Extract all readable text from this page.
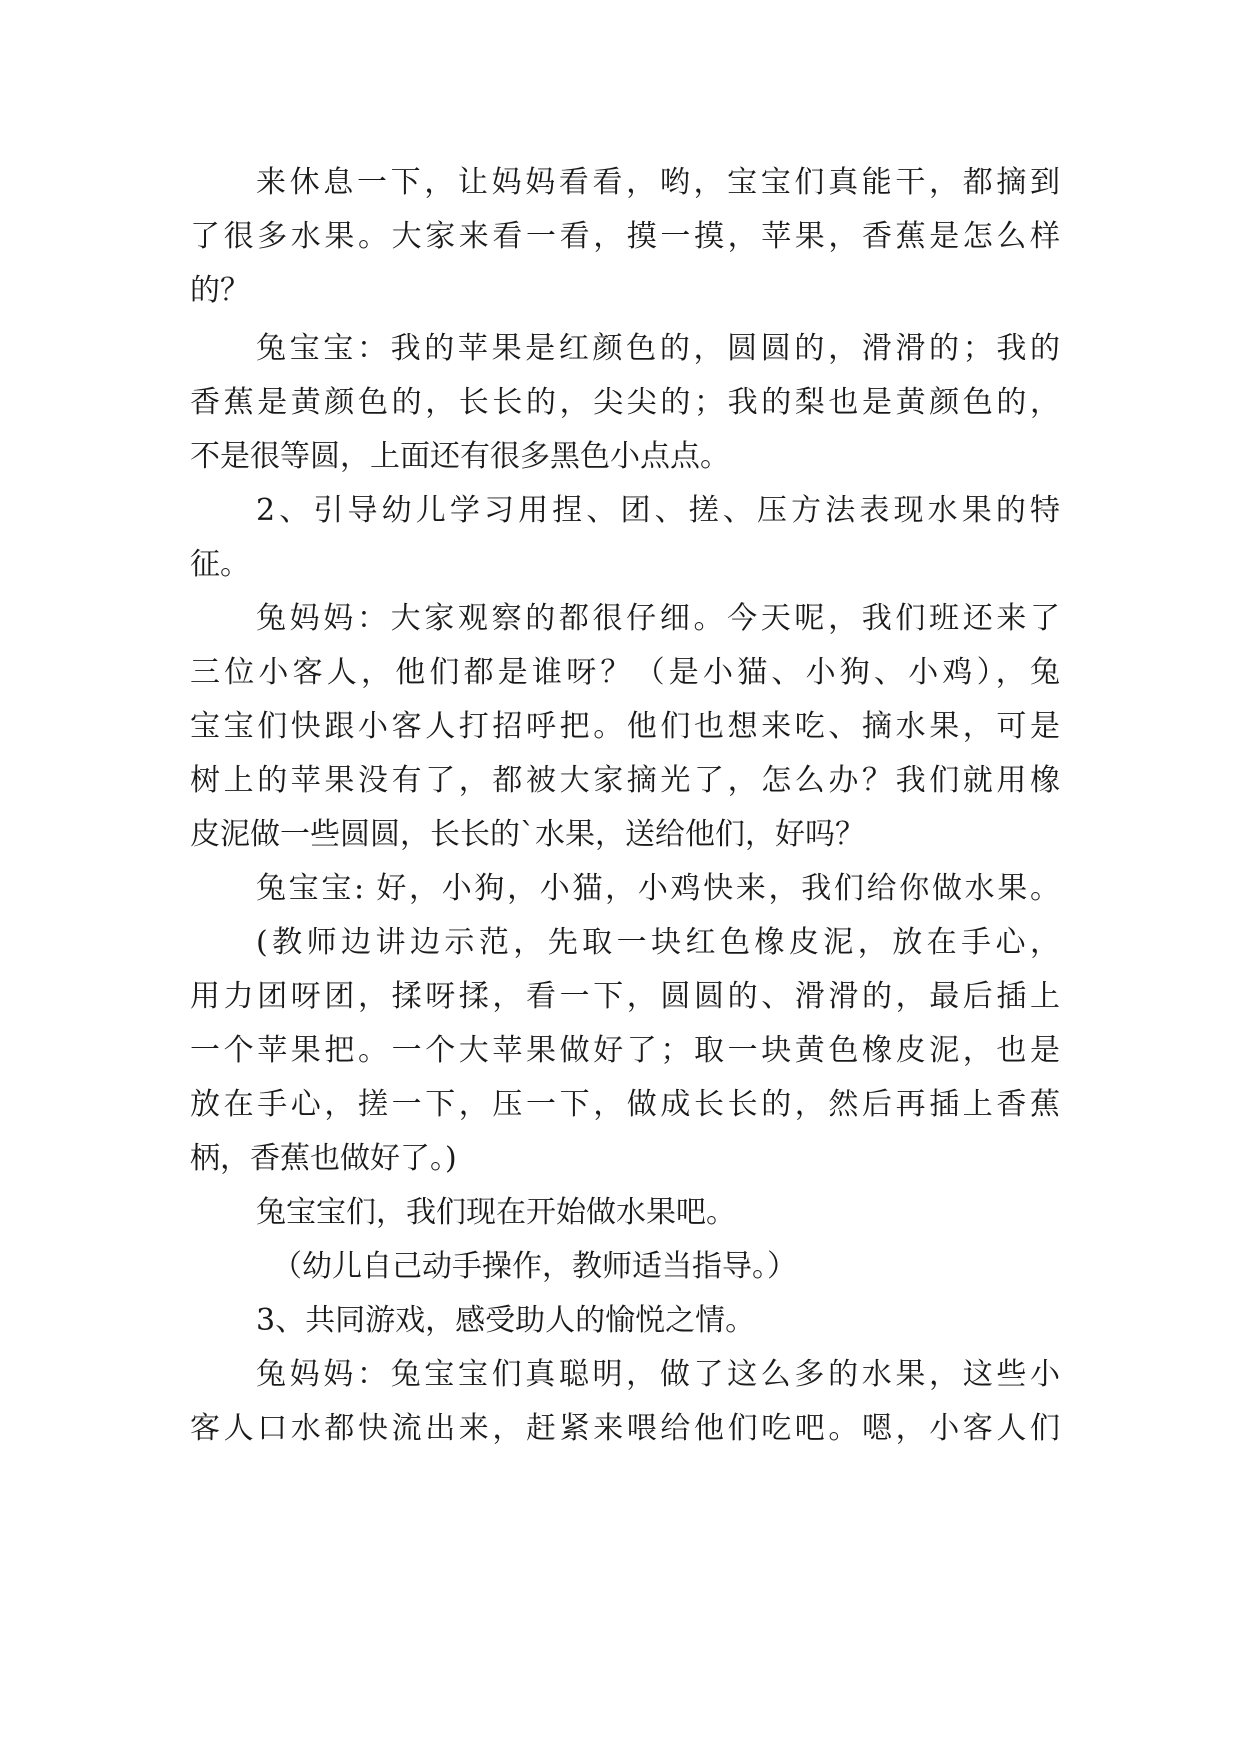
来休息一下，让妈妈看看，哟，宝宝们真能干，都摘到
了很多水果。大家来看一看，摸一摸，苹果，香蕉是怎么样
的？
兔宝宝：我的苹果是红颜色的，圆圆的，滑滑的；我的
香蕉是黄颜色的，长长的，尖尖的；我的梨也是黄颜色的，
不是很等圆，上面还有很多黑色小点点。
2、引导幼儿学习用捏、团、搓、压方法表现水果的特
征。
兔妈妈：大家观察的都很仔细。今天呢，我们班还来了
三位小客人，他们都是谁呀？（是小猫、小狗、小鸡），兔
宝宝们快跟小客人打招呼把。他们也想来吃、摘水果，可是
树上的苹果没有了，都被大家摘光了，怎么办？我们就用橡
皮泥做一些圆圆，长长的`水果，送给他们，好吗？
兔宝宝: 好，小狗，小猫，小鸡快来，我们给你做水果。
(教师边讲边示范，先取一块红色橡皮泥，放在手心，
用力团呀团，揉呀揉，看一下，圆圆的、滑滑的，最后插上
一个苹果把。一个大苹果做好了；取一块黄色橡皮泥，也是
放在手心，搓一下，压一下，做成长长的，然后再插上香蕉
柄，香蕉也做好了。)
兔宝宝们，我们现在开始做水果吧。
（幼儿自己动手操作，教师适当指导。）
3、共同游戏，感受助人的愉悦之情。
兔妈妈：兔宝宝们真聪明，做了这么多的水果，这些小
客人口水都快流出来，赶紧来喂给他们吃吧。嗯，小客人们
